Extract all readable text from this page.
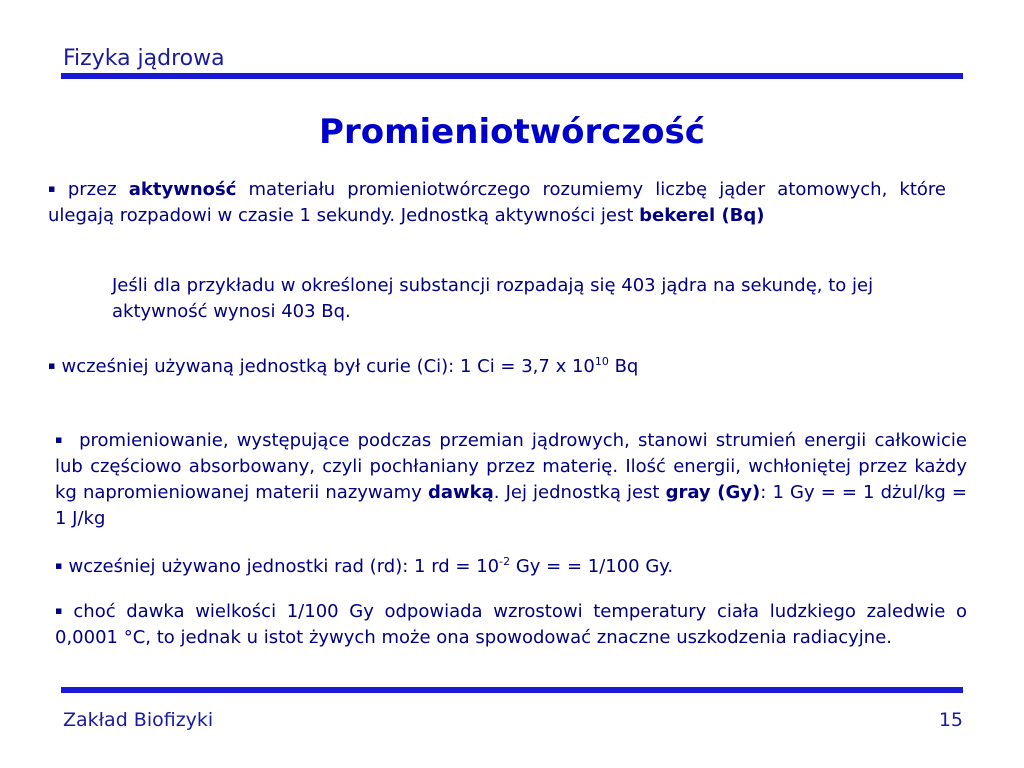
Fizyka jądrowa
Promieniotwórczość
▪ przez aktywność materiału promieniotwórczego rozumiemy liczbę jąder atomowych, które ulegają rozpadowi w czasie 1 sekundy. Jednostką aktywności jest bekerel (Bq)
Jeśli dla przykładu w określonej substancji rozpadają się 403 jądra na sekundę, to jej aktywność wynosi 403 Bq.
▪ wcześniej używaną jednostką był curie (Ci): 1 Ci = 3,7 x $10^{10}$ Bq
▪ promieniowanie, występujące podczas przemian jądrowych, stanowi strumień energii całkowicie lub częściowo absorbowany, czyli pochłaniany przez materię. Ilość energii, wchłoniętej przez każdy kg napromieniowanej materii nazywamy dawką. Jej jednostką jest gray (Gy): 1 Gy = = 1 dżul/kg = 1 J/kg
▪ wcześniej używano jednostki rad (rd): 1 rd = $10^{-2}$ Gy = = 1/100 Gy.
▪ choć dawka wielkości 1/100 Gy odpowiada wzrostowi temperatury ciała ludzkiego zaledwie o 0,0001 °C, to jednak u istot żywych może ona spowodować znaczne uszkodzenia radiacyjne.
Zakład Biofizyki	15
